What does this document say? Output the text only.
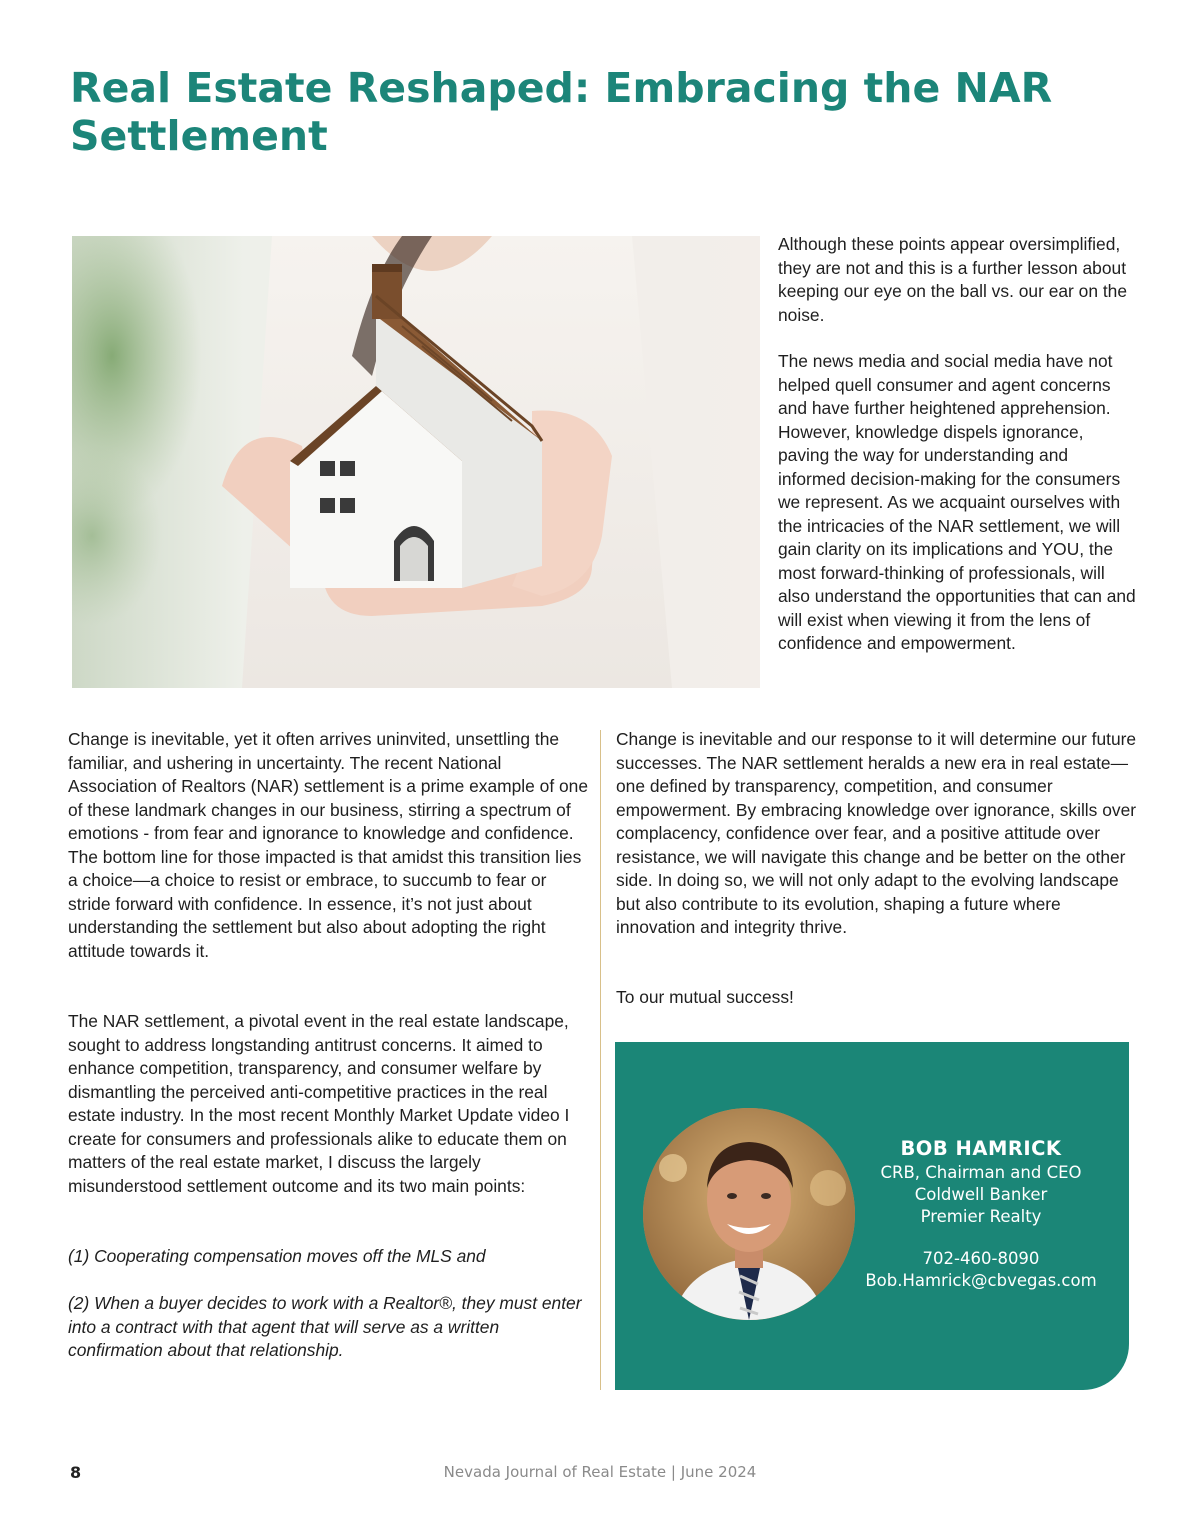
Real Estate Reshaped: Embracing the NAR Settlement

Although these points appear oversimplified, they are not and this is a further lesson about keeping our eye on the ball vs. our ear on the noise.

The news media and social media have not helped quell consumer and agent concerns and have further heightened apprehension. However, knowledge dispels ignorance, paving the way for understanding and informed decision-making for the consumers we represent. As we acquaint ourselves with the intricacies of the NAR settlement, we will gain clarity on its implications and YOU, the most forward-thinking of professionals, will also understand the opportunities that can and will exist when viewing it from the lens of confidence and empowerment.

Change is inevitable, yet it often arrives uninvited, unsettling the familiar, and ushering in uncertainty. The recent National Association of Realtors (NAR) settlement is a prime example of one of these landmark changes in our business, stirring a spectrum of emotions - from fear and ignorance to knowledge and confidence. The bottom line for those impacted is that amidst this transition lies a choice—a choice to resist or embrace, to succumb to fear or stride forward with confidence. In essence, it’s not just about understanding the settlement but also about adopting the right attitude towards it.

The NAR settlement, a pivotal event in the real estate landscape, sought to address longstanding antitrust concerns. It aimed to enhance competition, transparency, and consumer welfare by dismantling the perceived anti-competitive practices in the real estate industry. In the most recent Monthly Market Update video I create for consumers and professionals alike to educate them on matters of the real estate market, I discuss the largely misunderstood settlement outcome and its two main points:

(1) Cooperating compensation moves off the MLS and

(2) When a buyer decides to work with a Realtor®, they must enter into a contract with that agent that will serve as a written confirmation about that relationship.

Change is inevitable and our response to it will determine our future successes. The NAR settlement heralds a new era in real estate—one defined by transparency, competition, and consumer empowerment. By embracing knowledge over ignorance, skills over complacency, confidence over fear, and a positive attitude over resistance, we will navigate this change and be better on the other side. In doing so, we will not only adapt to the evolving landscape but also contribute to its evolution, shaping a future where innovation and integrity thrive.

To our mutual success!

BOB HAMRICK
CRB, Chairman and CEO
Coldwell Banker
Premier Realty
702-460-8090
Bob.Hamrick@cbvegas.com
Nevada Journal of Real Estate | June 2024
8
